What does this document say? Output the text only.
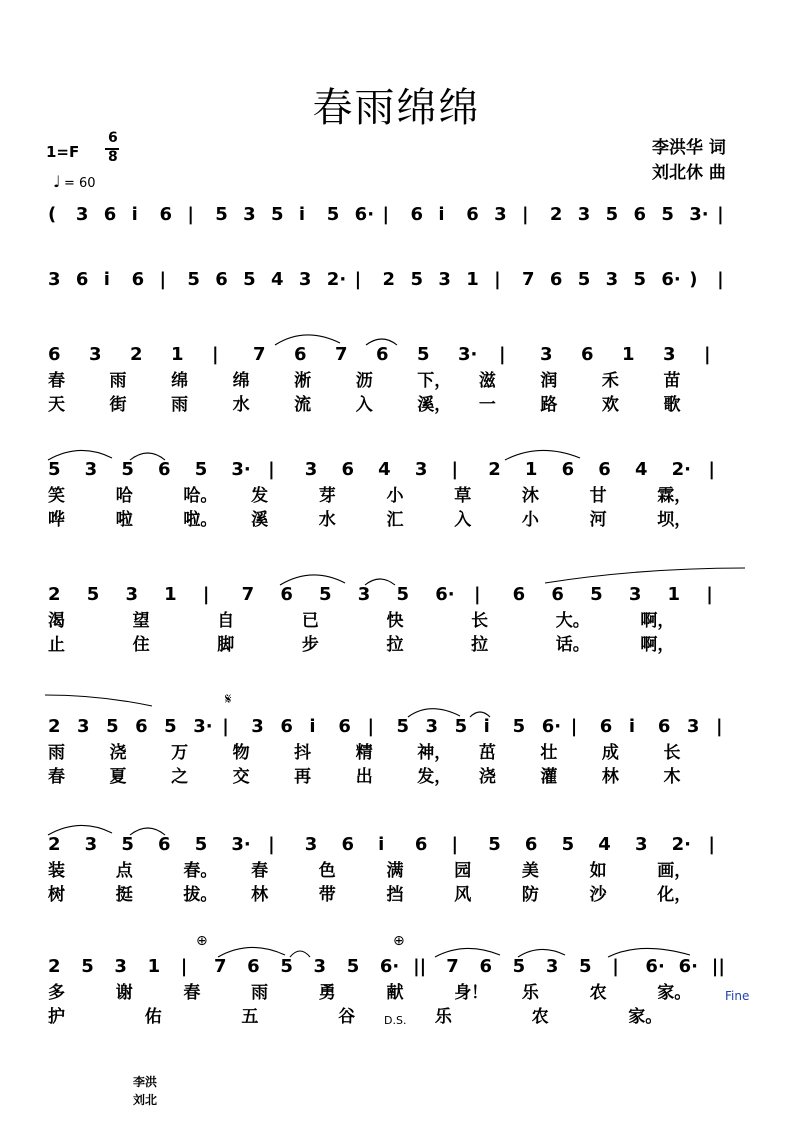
春雨绵绵
李洪华 词
刘北休 曲
1=F
6
8
♩ = 60
( 3 6 i 6 | 5 3 5 i 5 6· | 6 i 6 3 | 2 3 5 6 5 3· |
3 6 i 6 | 5 6 5 4 3 2· | 2 5 3 1 | 7 6 5 3 5 6· ) |
6 3 2 1 | 7 6 7 6 5 3· | 3 6 1 3 |
春	雨	绵	绵	淅	沥	下， 滋	润	禾	苗
天	街	雨	水	流	入	溪， 一	路	欢	歌
5 3 5 6 5 3· | 3 6 4 3 | 2 1 6 6 4 2· |
笑	哈	哈。 发	芽	小	草	沐	甘	霖，
哗	啦	啦。 溪	水	汇	入	小	河	坝，
2 5 3 1 | 7 6 5 3 5 6· | 6 6 5 3 1 |
渴	望	自	已	快	长	大。	啊，
止	住	脚	步	拉	拉	话。	啊，
2 3 5 6 5 3· | 3 6 i 6 | 5 3 5 i 5 6· | 6 i 6 3 |
雨	浇	万	物	抖	精	神， 茁	壮	成	长
春	夏	之	交	再	出	发， 浇	灌	林	木
2 3 5 6 5 3· | 3 6 i 6 | 5 6 5 4 3 2· |
装	点	春。 春	色	满	园	美	如	画，
树	挺	拔。 林	带	挡	风	防	沙	化，
2 5 3 1 | 7 6 5 3 5 6· || 7 6 5 3 5 | 6· 6· ||
多	谢	春	雨	勇	献	身！ 乐	农	家。
护	佑	五	谷	乐	农	家。
𝄋
⊕	⊕
Fine
D.S.
李洪
刘北
